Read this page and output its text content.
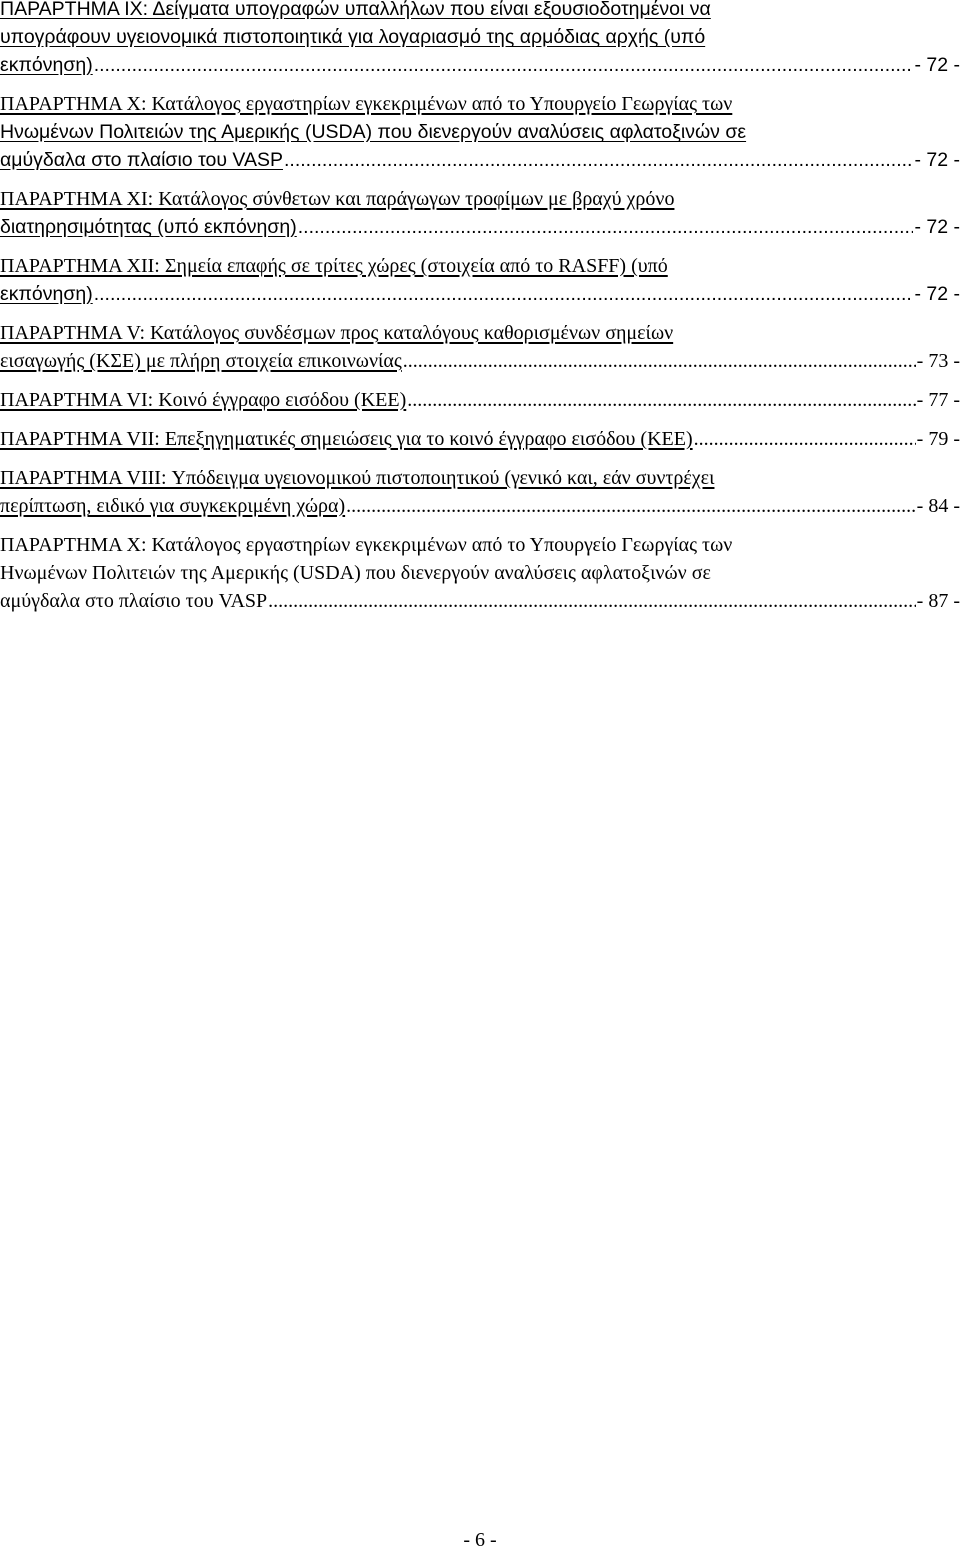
ΠΑΡΑΡΤΗΜΑ ΙΧ: Δείγματα υπογραφών υπαλλήλων που είναι εξουσιοδοτημένοι να
υπογράφουν υγειονομικά πιστοποιητικά για λογαριασμό της αρμόδιας αρχής (υπό
εκπόνηση) .....	- 72 -
ΠΑΡΑΡΤΗΜΑ Χ: Κατάλογος εργαστηρίων εγκεκριμένων από το Υπουργείο Γεωργίας των
Ηνωμένων Πολιτειών της Αμερικής (USDA) που διενεργούν αναλύσεις αφλατοξινών σε
αμύγδαλα στο πλαίσιο του VASP .....	- 72 -
ΠΑΡΑΡΤΗΜΑ ΧΙ: Κατάλογος σύνθετων και παράγωγων τροφίμων με βραχύ χρόνο
διατηρησιμότητας (υπό εκπόνηση) .....	- 72 -
ΠΑΡΑΡΤΗΜΑ ΧΙΙ: Σημεία επαφής σε τρίτες χώρες (στοιχεία από το RASFF) (υπό
εκπόνηση) .....	- 72 -
ΠΑΡΑΡΤΗΜΑ V: Κατάλογος συνδέσμων προς καταλόγους καθορισμένων σημείων
εισαγωγής (ΚΣΕ) με πλήρη στοιχεία επικοινωνίας .....	- 73 -
ΠΑΡΑΡΤΗΜΑ VI: Κοινό έγγραφο εισόδου (ΚΕΕ) .....	- 77 -
ΠΑΡΑΡΤΗΜΑ VII: Επεξηγηματικές σημειώσεις για το κοινό έγγραφο εισόδου (ΚΕΕ) .....	- 79 -
ΠΑΡΑΡΤΗΜΑ VIII: Υπόδειγμα υγειονομικού πιστοποιητικού (γενικό και, εάν συντρέχει
περίπτωση, ειδικό για συγκεκριμένη χώρα) .....	- 84 -
ΠΑΡΑΡΤΗΜΑ Χ: Κατάλογος εργαστηρίων εγκεκριμένων από το Υπουργείο Γεωργίας των
Ηνωμένων Πολιτειών της Αμερικής (USDA) που διενεργούν αναλύσεις αφλατοξινών σε
αμύγδαλα στο πλαίσιο του VASP .....	- 87 -
- 6 -
